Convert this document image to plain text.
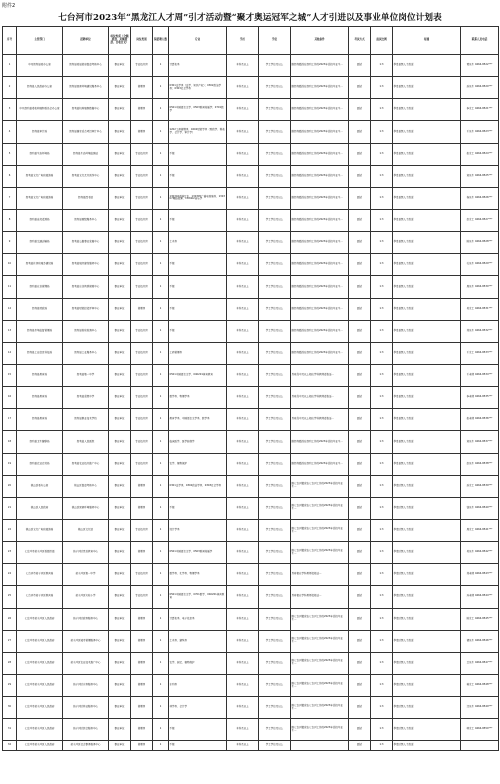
附件2
七台河市2023年“黑龙江人才周”引才活动暨“聚才奥运冠军之城”人才引进以及事业单位岗位计划表
序号	主管部门	招聘单位	单位性质（全额拨款、差额拨款、自收自支）	岗位类别	拟招聘人数	专业	学历	学位	其他条件	考试方式	面试比例	待遇	联系人及电话
1	中共勃利县委办公室	勃利县委县政府督查考核中心	事业单位	专业技术岗	1	计算机类	本科及以上	学士学位及以上	限勃利籍或在勃利工作的2023年高校毕业生...	面试	1:3	享受县级人才政策	贾先生 0464-8522***
2	勃利县人民政府办公室	勃利县营商环境建设服务中心	事业单位	管理岗	1	0301法学类（法学、知识产权）；0302政治学类；0303社会学类	本科及以上	学士学位及以上	限勃利籍或在勃利工作的2023年高校毕业生...	面试	1:3	享受县级人才政策	孙先生 0464-8520***
3	中共勃利县委机构编制委员会办公室	勃利县机构编制数据中心	事业单位	管理岗	1	0501中国语言文学、0503新闻传播学；0701数学	本科及以上	学士学位及以上	限勃利籍或在勃利工作的2023年高校毕业生...	面试	1:3	享受县级人才政策	李女士 0464-8521***
4	勃利县审计局	勃利县国家重点项目审计中心	事业单位	管理岗	1	1202工商管理类、0202财政学类（财政学、税收学、会计学、审计学）	本科及以上	学士学位及以上	限勃利籍或在勃利工作的2023年高校毕业生...	面试	1:3	享受县级人才政策	王先生 0464-8523***
5	勃利县生态环境局	勃利县生态环境监测站	事业单位	专业技术岗	1	不限	本科及以上	学士学位及以上	限勃利籍或在勃利工作的2023年高校毕业生...	面试	1:3	享受县级人才政策	张女士 0464-8524***
6	勃利县文化广电和旅游局	勃利县文化艺术创作中心	事业单位	专业技术岗	1	不限	本科及以上	学士学位及以上	限勃利籍或在勃利工作的2023年高校毕业生...	面试	1:3	享受县级人才政策	刘先生 0464-8525***
7	勃利县文化广电和旅游局	勃利县图书馆	事业单位	专业技术岗	1	130302表演艺术、130305广播电视编导、130307舞蹈表演、130402音乐学	本科及以上	学士学位及以上	限勃利籍或在勃利工作的2023年高校毕业生...	面试	1:3	享受县级人才政策	杨先生 0464-8526***
8	勃利县自然资源局	勃利县测绘服务中心	事业单位	专业技术岗	1	不限	本科及以上	学士学位及以上	限勃利籍或在勃利工作的2023年高校毕业生...	面试	1:3	享受县级人才政策	赵女士 0464-8527***
9	勃利县交通运输局	勃利县公路事业发展中心	事业单位	专业技术岗	1	土木类	本科及以上	学士学位及以上	限勃利籍或在勃利工作的2023年高校毕业生...	面试	1:3	享受县级人才政策	陈先生 0464-8528***
10	勃利县住房和城乡建设局	勃利县城市建设服务中心	事业单位	专业技术岗	1	不限	本科及以上	学士学位及以上	限勃利籍或在勃利工作的2023年高校毕业生...	面试	1:3	享受县级人才政策	孔先生 0464-8529***
11	勃利县应急管理局	勃利县应急救援保障中心	事业单位	专业技术岗	1	不限	本科及以上	学士学位及以上	限勃利籍或在勃利工作的2023年高校毕业生...	面试	1:3	享受县级人才政策	周先生 0464-8530***
12	勃利县财政局	勃利县财政投资评审中心	事业单位	管理岗	1	不限	本科及以上	学士学位及以上	限勃利籍或在勃利工作的2023年高校毕业生...	面试	1:3	享受县级人才政策	吴女士 0464-8531***
13	勃利县市场监督管理局	勃利县检验检测中心	事业单位	专业技术岗	1	不限	本科及以上	学士学位及以上	限勃利籍或在勃利工作的2023年高校毕业生...	面试	1:3	享受县级人才政策	郑先生 0464-8532***
14	勃利县工业信息科技局	勃利县工业服务中心	事业单位	专业技术岗	1	工商管理类	本科及以上	学士学位及以上	限勃利籍或在勃利工作的2023年高校毕业生...	面试	1:3	享受县级人才政策	王女士 0464-8533***
15	勃利县教育局	勃利县第一中学	事业单位	专业技术岗	1	0501中国语言文学、040201体育教育	本科及以上	学士学位及以上	具有高中及以上相应学科教师资格证...	面试	1:3	享受县级人才政策	王老师 0464-8534***
16	勃利县教育局	勃利县高级中学	事业单位	专业技术岗	1	数学类、物理学类	本科及以上	学士学位及以上	具有高中及以上相应学科教师资格证...	面试	1:3	享受县级人才政策	李老师 0464-8535***
17	勃利县教育局	勃利县职业技术学校	事业单位	专业技术岗	1	教育学类、中国语言文学类、数学类	本科及以上	学士学位及以上	具有高中及以上相应学科教师资格证...	面试	1:3	享受县级人才政策	张老师 0464-8536***
18	勃利县卫生健康局	勃利县人民医院	事业单位	专业技术岗	1	临床医学、医学影像学	本科及以上	学士学位及以上	限勃利籍或在勃利工作的2023年高校毕业生...	面试	1:3	享受县级人才政策	刘先生 0464-8537***
19	勃利县农业农村局	勃利县农业技术推广中心	事业单位	专业技术岗	1	农学、植物保护	本科及以上	学士学位及以上	限勃利籍或在勃利工作的2023年高校毕业生...	面试	1:3	享受县级人才政策	赵先生 0464-8538***
20	桃山区委办公室	桃山区督查考核中心	事业单位	管理岗	1	0301法学类、0302政治学类、0303社会学类	本科及以上	学士学位及以上	限七台河籍或在七台河工作的2023年高校毕业生...	面试	1:3	享受区级人才政策	孙女士 0464-8539***
21	桃山区人民政府	桃山区营商环境服务中心	事业单位	管理岗	1	不限	本科及以上	学士学位及以上	限七台河籍或在七台河工作的2023年高校毕业生...	面试	1:3	享受区级人才政策	钱先生 0464-8540***
22	桃山区文化广电和旅游局	桃山区文化馆	事业单位	专业技术岗	1	设计学类	本科及以上	学士学位及以上	限七台河籍或在七台河工作的2023年高校毕业生...	面试	1:3	享受区级人才政策	周女士 0464-8541***
23	七台河市茄子河区委组织部	茄子河区党员教育中心	事业单位	管理岗	1	0501中国语言文学、0503新闻传播学	本科及以上	学士学位及以上	限七台河籍或在七台河工作的2023年高校毕业生...	面试	1:3	享受区级人才政策	吴先生 0464-8542***
24	七台河市茄子河区教育局	茄子河区第一中学	事业单位	专业技术岗	1	数学类、化学类、物理学类	本科及以上	学士学位及以上	具有相应学科教师资格证...	面试	1:3	享受区级人才政策	郑老师 0464-8543***
25	七台河市茄子河区教育局	茄子河区实验小学	事业单位	专业技术岗	1	0501中国语言文学、0701数学、040201体育教育	本科及以上	学士学位及以上	具有相应学科教师资格证...	面试	1:3	享受区级人才政策	冯老师 0464-8544***
26	七台河市茄子河区人民政府	茄子河区政务服务中心	事业单位	管理岗	1	计算机类、电子信息类	本科及以上	学士学位及以上	限七台河籍或在七台河工作的2023年高校毕业生...	面试	1:3	享受区级人才政策	陈女士 0464-8545***
27	七台河市茄子河区人民政府	茄子河区城市管理服务中心	事业单位	管理岗	1	土木类、建筑类	本科及以上	学士学位及以上	限七台河籍或在七台河工作的2023年高校毕业生...	面试	1:3	享受区级人才政策	褚先生 0464-8546***
28	七台河市茄子河区人民政府	茄子河区农业技术推广中心	事业单位	管理岗	1	农学、园艺、植物保护	本科及以上	学士学位及以上	限七台河籍或在七台河工作的2023年高校毕业生...	面试	1:3	享受区级人才政策	卫先生 0464-8547***
29	七台河市茄子河区人民政府	茄子河区水务服务中心	事业单位	管理岗	1	水利类	本科及以上	学士学位及以上	限七台河籍或在七台河工作的2023年高校毕业生...	面试	1:3	享受区级人才政策	蒋女士 0464-8548***
30	七台河市茄子河区人民政府	茄子河区林业服务中心	事业单位	管理岗	1	林学类、会计学	本科及以上	学士学位及以上	限七台河籍或在七台河工作的2023年高校毕业生...	面试	1:3	享受区级人才政策	沈先生 0464-8549***
31	七台河市茄子河区人民政府	茄子河区综合服务中心	事业单位	管理岗	1	不限	本科及以上	学士学位及以上	限七台河籍或在七台河工作的2023年高校毕业生...	面试	1:3	享受区级人才政策	韩女士 0464-8550***
32	七台河市茄子河区人民政府	茄子河区社会事务服务中心	事业单位	管理岗	1	不限	本科及以上	学士学位及以上		面试	1:3	享受区级人才政策	
